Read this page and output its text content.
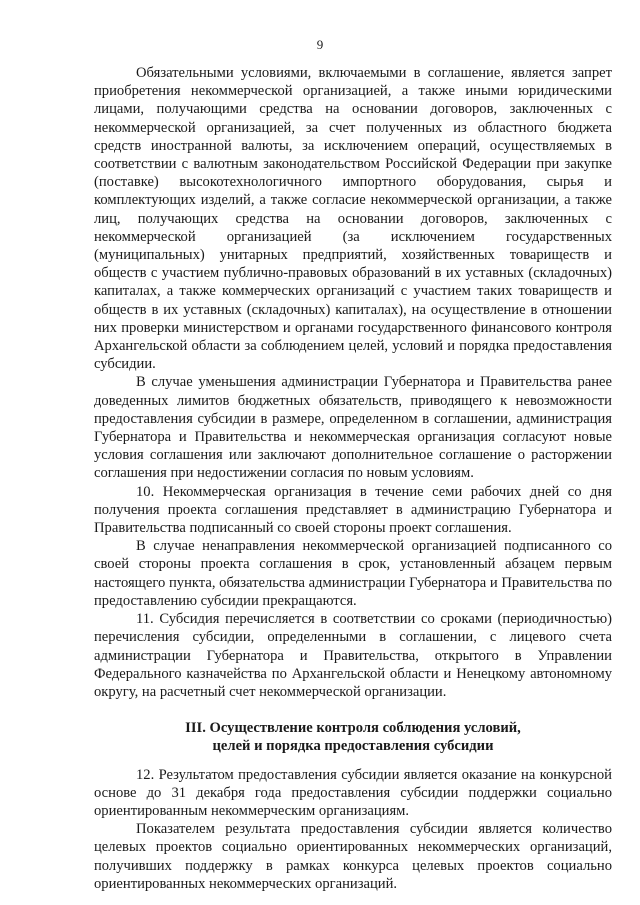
9

Обязательными условиями, включаемыми в соглашение, является запрет приобретения некоммерческой организацией, а также иными юридическими лицами, получающими средства на основании договоров, заключенных с некоммерческой организацией, за счет полученных из областного бюджета средств иностранной валюты, за исключением операций, осуществляемых в соответствии с валютным законодательством Российской Федерации при закупке (поставке) высокотехнологичного импортного оборудования, сырья и комплектующих изделий, а также согласие некоммерческой организации, а также лиц, получающих средства на основании договоров, заключенных с некоммерческой организацией (за исключением государственных (муниципальных) унитарных предприятий, хозяйственных товариществ и обществ с участием публично-правовых образований в их уставных (складочных) капиталах, а также коммерческих организаций с участием таких товариществ и обществ в их уставных (складочных) капиталах), на осуществление в отношении них проверки министерством и органами государственного финансового контроля Архангельской области за соблюдением целей, условий и порядка предоставления субсидии.

В случае уменьшения администрации Губернатора и Правительства ранее доведенных лимитов бюджетных обязательств, приводящего к невозможности предоставления субсидии в размере, определенном в соглашении, администрация Губернатора и Правительства и некоммерческая организация согласуют новые условия соглашения или заключают дополнительное соглашение о расторжении соглашения при недостижении согласия по новым условиям.

10. Некоммерческая организация в течение семи рабочих дней со дня получения проекта соглашения представляет в администрацию Губернатора и Правительства подписанный со своей стороны проект соглашения.

В случае ненаправления некоммерческой организацией подписанного со своей стороны проекта соглашения в срок, установленный абзацем первым настоящего пункта, обязательства администрации Губернатора и Правительства по предоставлению субсидии прекращаются.

11. Субсидия перечисляется в соответствии со сроками (периодичностью) перечисления субсидии, определенными в соглашении, с лицевого счета администрации Губернатора и Правительства, открытого в Управлении Федерального казначейства по Архангельской области и Ненецкому автономному округу, на расчетный счет некоммерческой организации.

III. Осуществление контроля соблюдения условий,
целей и порядка предоставления субсидии

12. Результатом предоставления субсидии является оказание на конкурсной основе до 31 декабря года предоставления субсидии поддержки социально ориентированным некоммерческим организациям.

Показателем результата предоставления субсидии является количество целевых проектов социально ориентированных некоммерческих организаций, получивших поддержку в рамках конкурса целевых проектов социально ориентированных некоммерческих организаций.
